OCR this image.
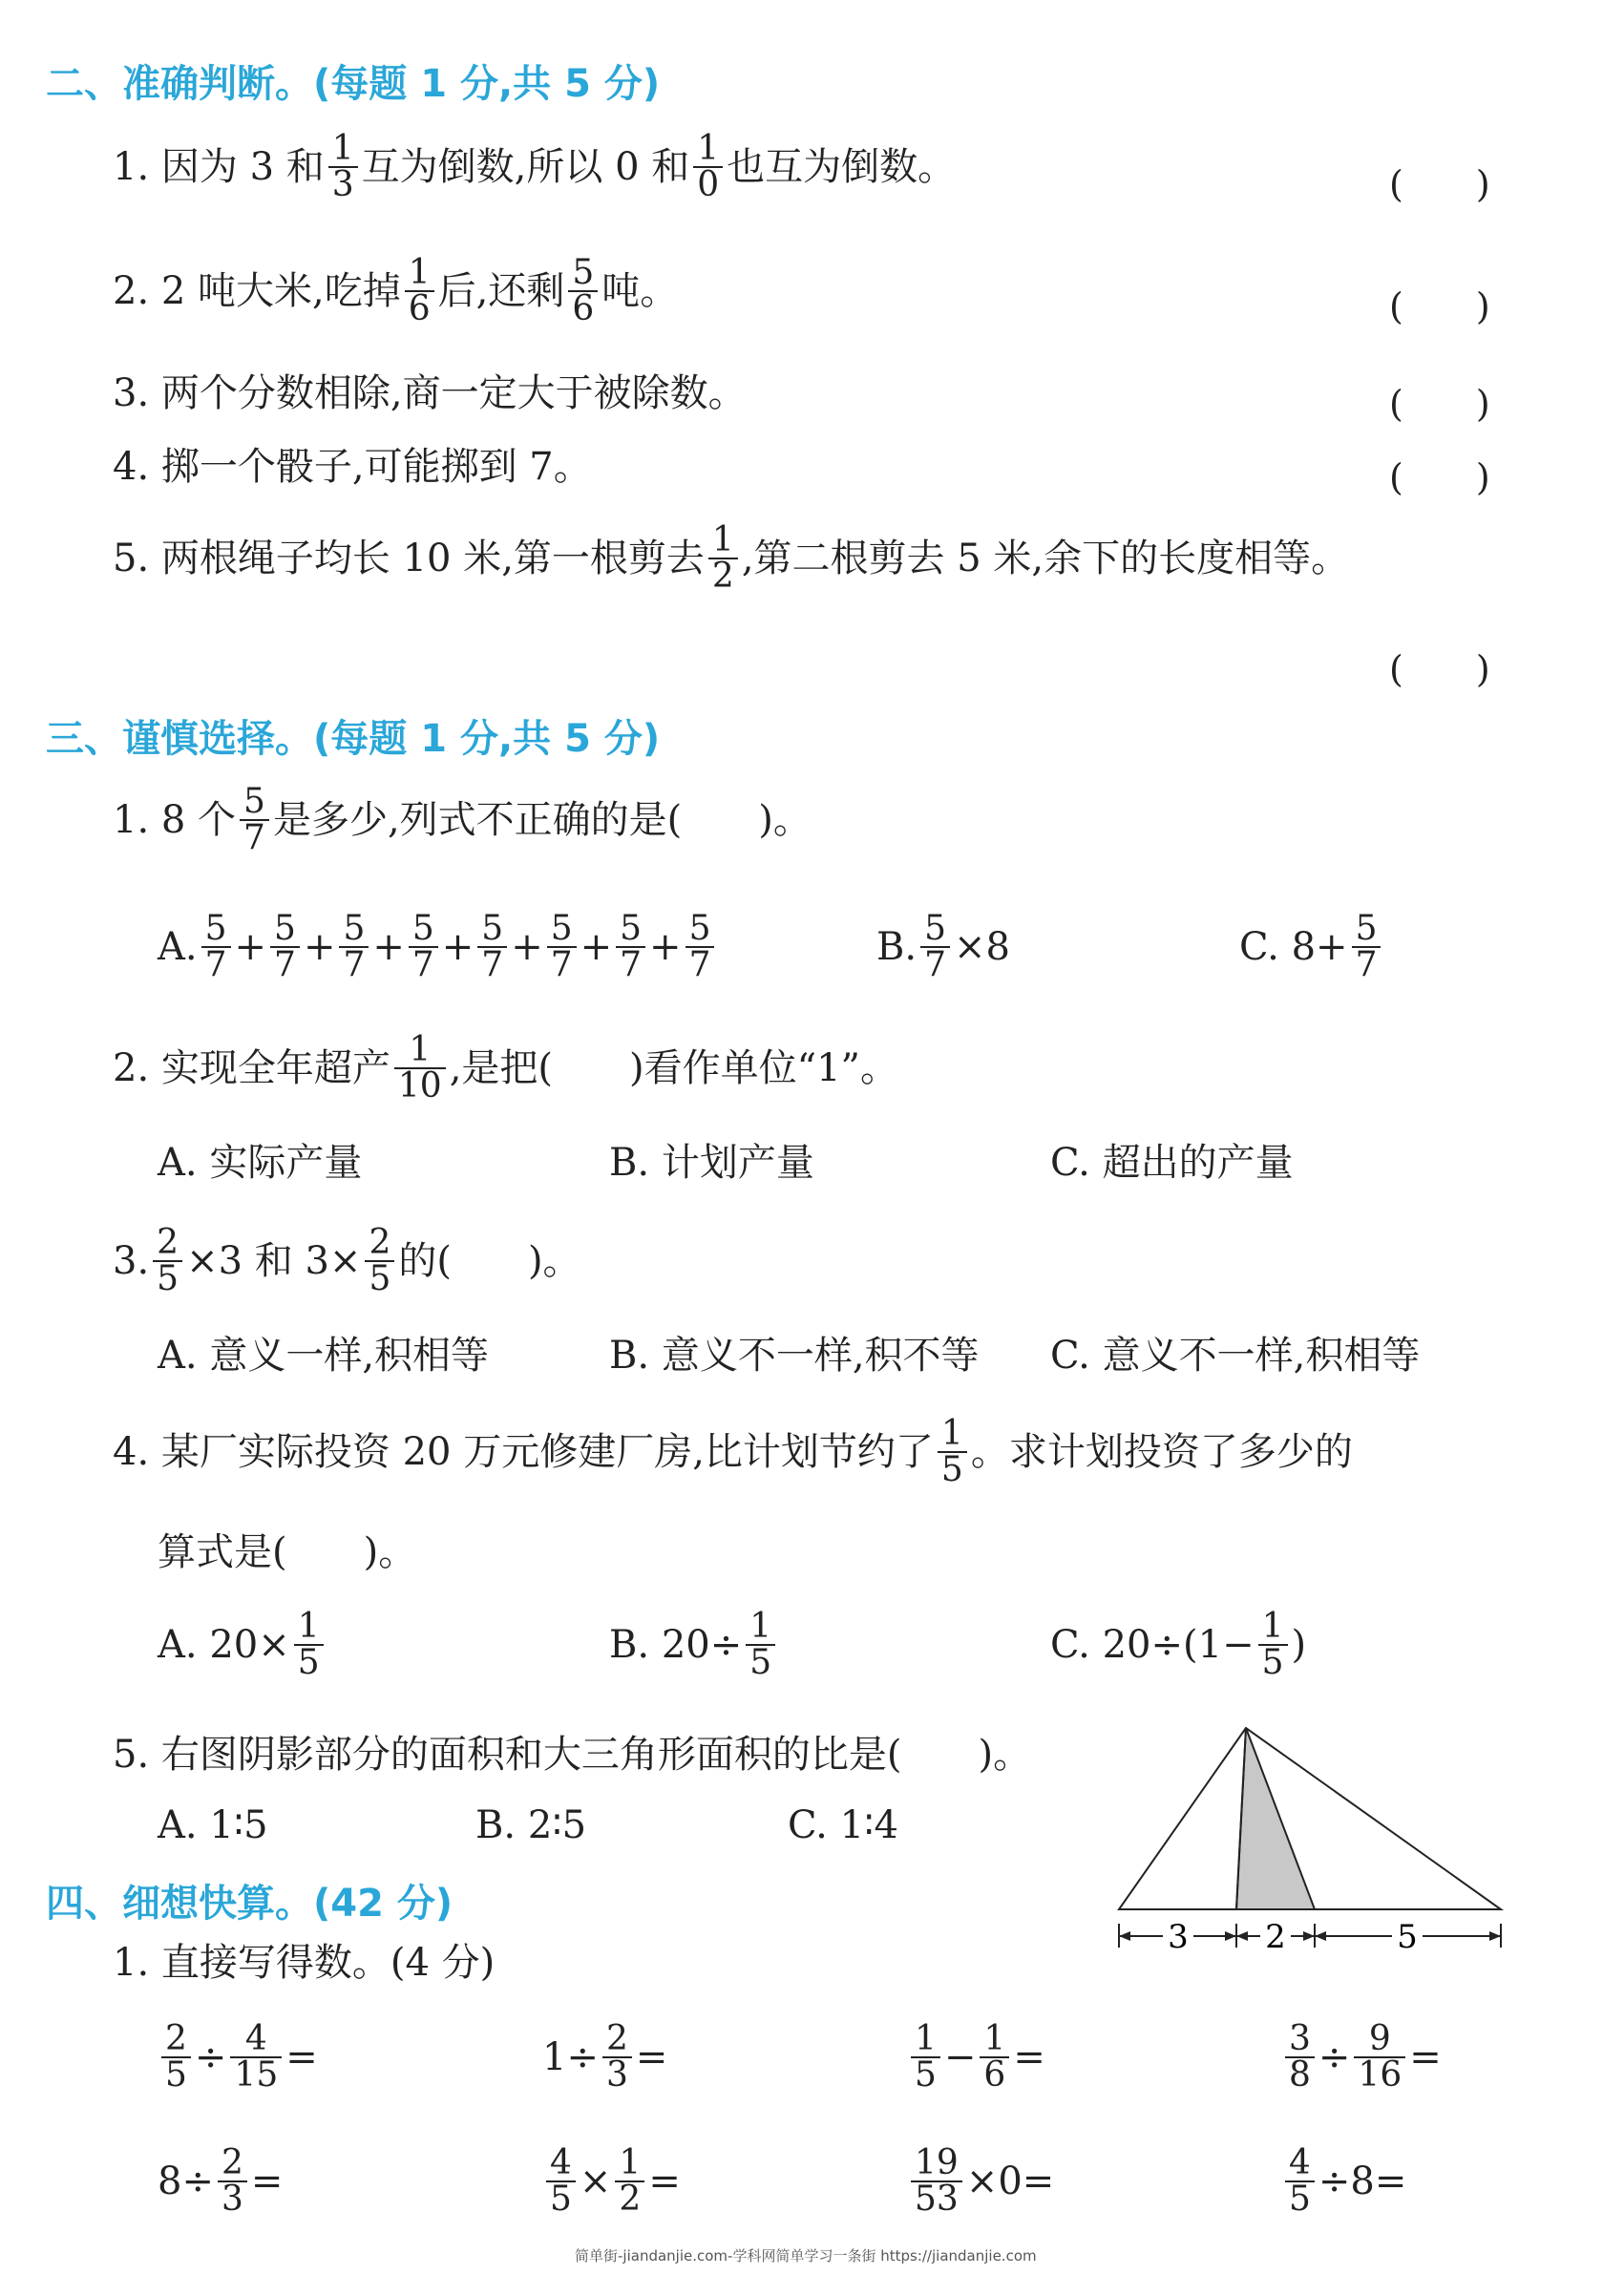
二、准确判断。(每题 1 分,共 5 分)
1. 因为 3 和 $\frac{1}{3}$ 互为倒数,所以 0 和 $\frac{1}{0}$ 也互为倒数。	(　　)
2. 2 吨大米,吃掉 $\frac{1}{6}$ 后,还剩 $\frac{5}{6}$ 吨。	(　　)
3. 两个分数相除,商一定大于被除数。	(　　)
4. 掷一个骰子,可能掷到 7。	(　　)
5. 两根绳子均长 10 米,第一根剪去 $\frac{1}{2}$ ,第二根剪去 5 米,余下的长度相等。
(　　)
三、谨慎选择。(每题 1 分,共 5 分)
1. 8 个 $\frac{5}{7}$ 是多少,列式不正确的是(　　)。
A. $\frac{5}{7} + \frac{5}{7} + \frac{5}{7} + \frac{5}{7} + \frac{5}{7} + \frac{5}{7} + \frac{5}{7} + \frac{5}{7}$	B. $\frac{5}{7} \times 8$	C. $8+ \frac{5}{7}$
2. 实现全年超产 $\frac{1}{10}$ ,是把(　　)看作单位“1”。
A. 实际产量	B. 计划产量	C. 超出的产量
3. $\frac{2}{5} \times 3$ 和 $3\times \frac{2}{5}$ 的(　　)。
A. 意义一样,积相等	B. 意义不一样,积不等 C. 意义不一样,积相等
4. 某厂实际投资 20 万元修建厂房,比计划节约了 $\frac{1}{5}$ 。求计划投资了多少的
算式是(　　)。
A. $20\times \frac{1}{5}$	B. $20\div \frac{1}{5}$	C. $20\div(1- \frac{1}{5}$ )
5. 右图阴影部分的面积和大三角形面积的比是(　　)。
A. 1∶5	B. 2∶5	C. 1∶4
3 2	5
四、细想快算。(42 分)
1. 直接写得数。(4 分)
$\frac{2}{5} \div \frac{4}{15}$ =	$1\div \frac{2}{3}$ =	$\frac{1}{5} - \frac{1}{6}$ =	$\frac{3}{8} \div \frac{9}{16}$ =
$8\div \frac{2}{3}$ =	$\frac{4}{5} \times \frac{1}{2}$ =	$\frac{19}{53} \times 0$ =	$\frac{4}{5} \div 8$ =
简单街-jiandanjie.com-学科网简单学习一条街 https://jiandanjie.com
